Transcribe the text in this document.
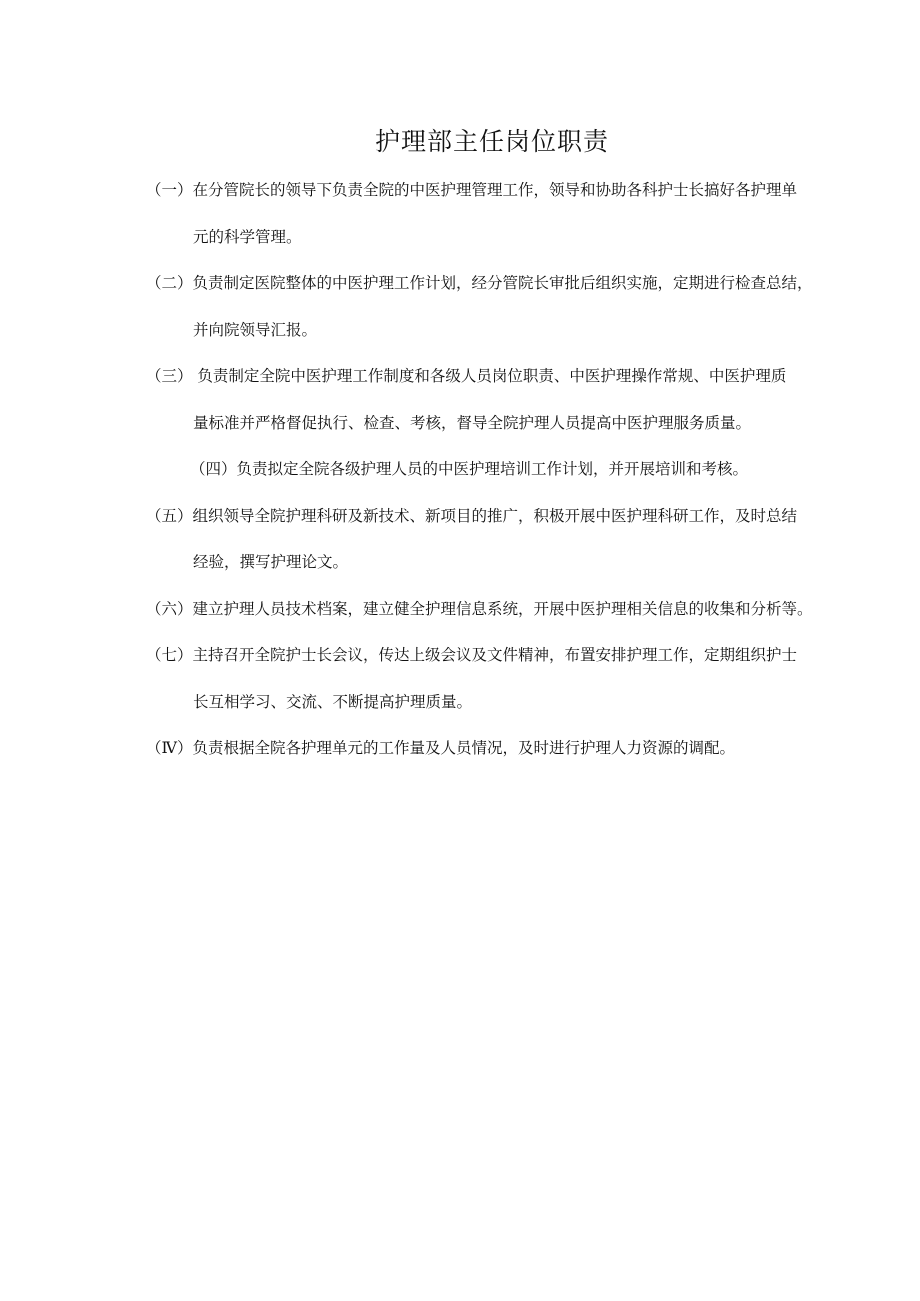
护理部主任岗位职责

（一）在分管院长的领导下负责全院的中医护理管理工作，领导和协助各科护士长搞好各护理单

元的科学管理。

（二）负责制定医院整体的中医护理工作计划，经分管院长审批后组织实施，定期进行检查总结，

并向院领导汇报。

（三） 负责制定全院中医护理工作制度和各级人员岗位职责、中医护理操作常规、中医护理质

量标准并严格督促执行、检查、考核，督导全院护理人员提高中医护理服务质量。

（四）负责拟定全院各级护理人员的中医护理培训工作计划，并开展培训和考核。

（五）组织领导全院护理科研及新技术、新项目的推广，积极开展中医护理科研工作，及时总结

经验，撰写护理论文。

（六）建立护理人员技术档案，建立健全护理信息系统，开展中医护理相关信息的收集和分析等。

（七）主持召开全院护士长会议，传达上级会议及文件精神，布置安排护理工作，定期组织护士

长互相学习、交流、不断提高护理质量。

（Ⅳ）负责根据全院各护理单元的工作量及人员情况，及时进行护理人力资源的调配。
